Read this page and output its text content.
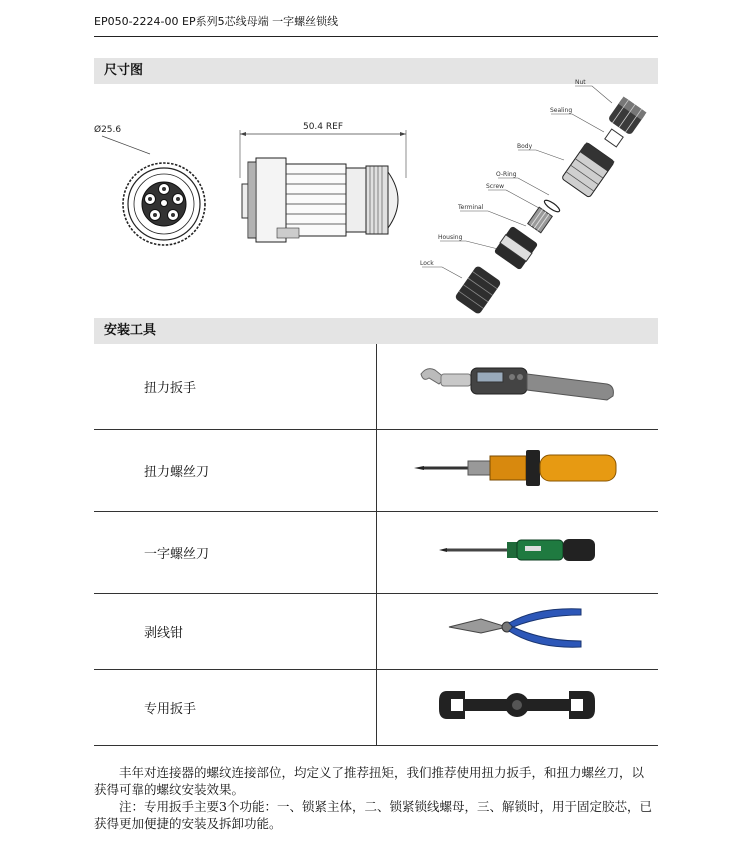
EP050-2224-00 EP系列5芯线母端 一字螺丝锁线
尺寸图
Ø25.6	50.4 REF
Nut
Sealing
Body
O-Ring
Screw
Terminal
Housing
Lock
安装工具
扭力扳手	
扭力螺丝刀	
一字螺丝刀	
剥线钳	
专用扳手	

丰年对连接器的螺纹连接部位，均定义了推荐扭矩，我们推荐使用扭力扳手，和扭力螺丝刀，以获得可靠的螺纹安装效果。

注：专用扳手主要3个功能：一、锁紧主体，二、锁紧锁线螺母，三、解锁时，用于固定胶芯，已获得更加便捷的安装及拆卸功能。
